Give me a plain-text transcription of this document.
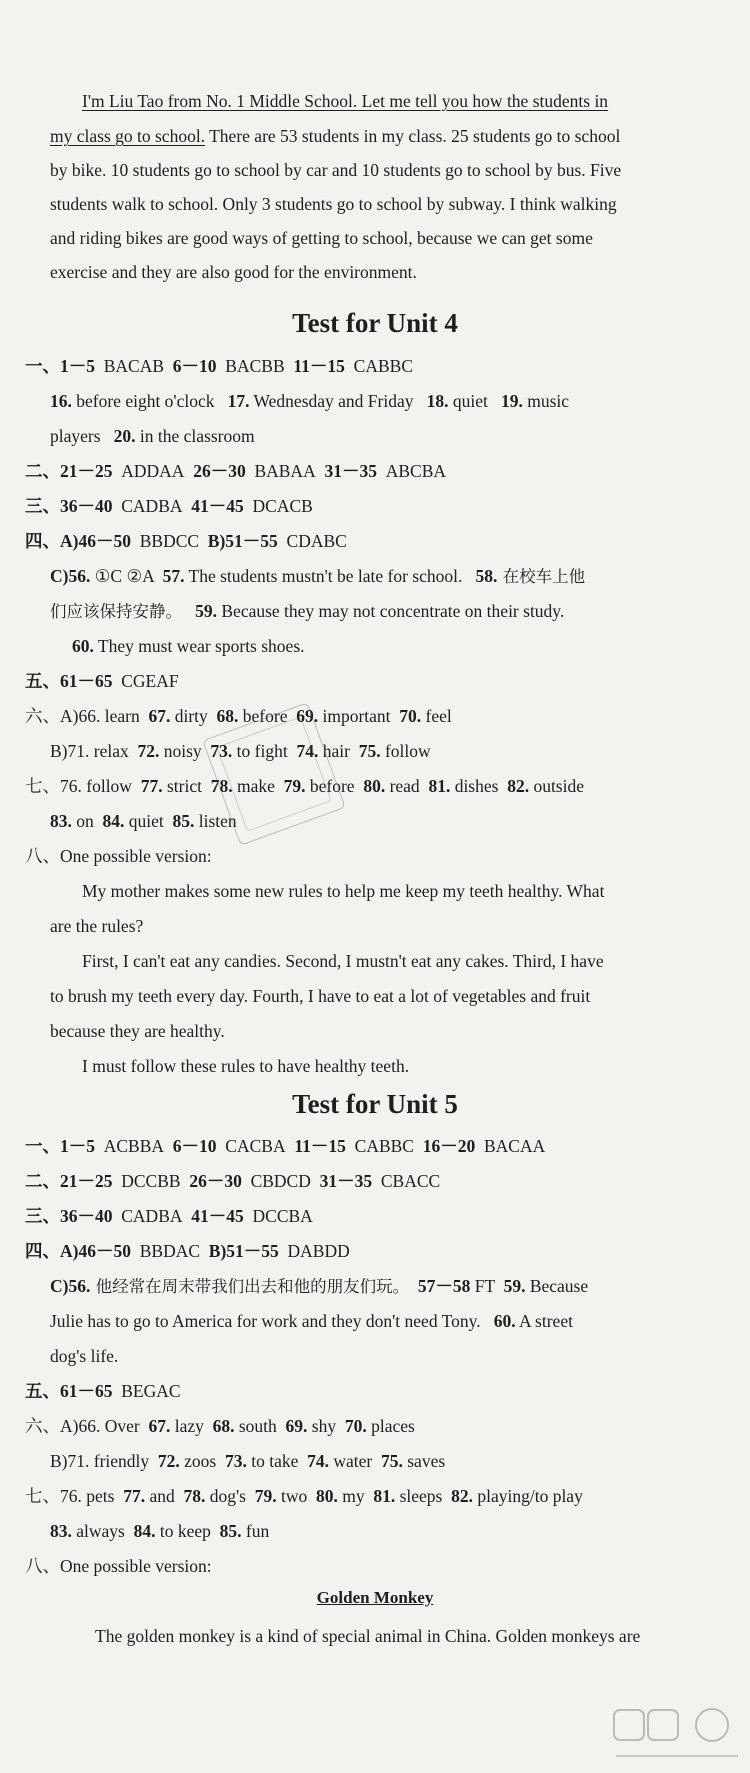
I'm Liu Tao from No. 1 Middle School. Let me tell you how the students in
my class go to school. There are 53 students in my class. 25 students go to school
by bike. 10 students go to school by car and 10 students go to school by bus. Five
students walk to school. Only 3 students go to school by subway. I think walking
and riding bikes are good ways of getting to school, because we can get some
exercise and they are also good for the environment.
Test for Unit 4
一、1－5 BACAB 6－10 BACBB 11－15 CABBC
16. before eight o'clock 17. Wednesday and Friday 18. quiet 19. music
players 20. in the classroom
二、21－25 ADDAA 26－30 BABAA 31－35 ABCBA
三、36－40 CADBA 41－45 DCACB
四、A)46－50 BBDCC B)51－55 CDABC
C)56. ①C ②A  57. The students mustn't be late for school. 58. 在校车上他
们应该保持安静。 59. Because they may not concentrate on their study.
60. They must wear sports shoes.
五、61－65 CGEAF
六、A)66. learn  67. dirty  68. before  69. important  70. feel
B)71. relax  72. noisy  73. to fight  74. hair  75. follow
七、76. follow  77. strict  78. make  79. before  80. read  81. dishes  82. outside
83. on  84. quiet  85. listen
八、One possible version:
My mother makes some new rules to help me keep my teeth healthy. What
are the rules?
First, I can't eat any candies. Second, I mustn't eat any cakes. Third, I have
to brush my teeth every day. Fourth, I have to eat a lot of vegetables and fruit
because they are healthy.
I must follow these rules to have healthy teeth.
Test for Unit 5
一、1－5 ACBBA 6－10 CACBA 11－15 CABBC 16－20 BACAA
二、21－25 DCCBB 26－30 CBDCD 31－35 CBACC
三、36－40 CADBA 41－45 DCCBA
四、A)46－50 BBDAC B)51－55 DABDD
C)56. 他经常在周末带我们出去和他的朋友们玩。 57－58 FT  59. Because
Julie has to go to America for work and they don't need Tony. 60. A street
dog's life.
五、61－65 BEGAC
六、A)66. Over  67. lazy  68. south  69. shy  70. places
B)71. friendly  72. zoos  73. to take  74. water  75. saves
七、76. pets  77. and  78. dog's  79. two  80. my  81. sleeps  82. playing/to play
83. always  84. to keep  85. fun
八、One possible version:
Golden Monkey
The golden monkey is a kind of special animal in China. Golden monkeys are
